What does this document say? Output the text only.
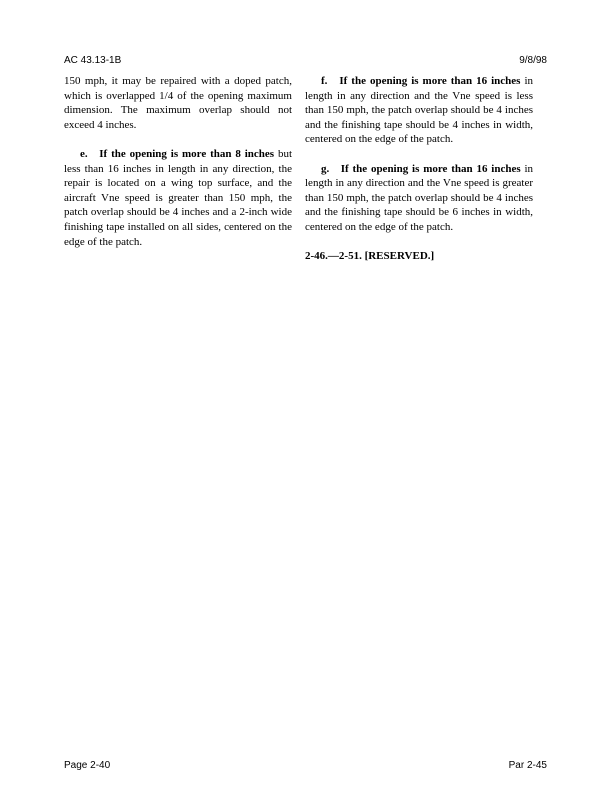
AC 43.13-1B	9/8/98

150 mph, it may be repaired with a doped patch, which is overlapped 1/4 of the opening maximum dimension. The maximum overlap should not exceed 4 inches.

e. If the opening is more than 8 inches but less than 16 inches in length in any direction, the repair is located on a wing top surface, and the aircraft Vne speed is greater than 150 mph, the patch overlap should be 4 inches and a 2-inch wide finishing tape installed on all sides, centered on the edge of the patch.

f. If the opening is more than 16 inches in length in any direction and the Vne speed is less than 150 mph, the patch overlap should be 4 inches and the finishing tape should be 4 inches in width, centered on the edge of the patch.

g. If the opening is more than 16 inches in length in any direction and the Vne speed is greater than 150 mph, the patch overlap should be 4 inches and the finishing tape should be 6 inches in width, centered on the edge of the patch.

2-46.—2-51. [RESERVED.]

Page 2-40	Par 2-45
